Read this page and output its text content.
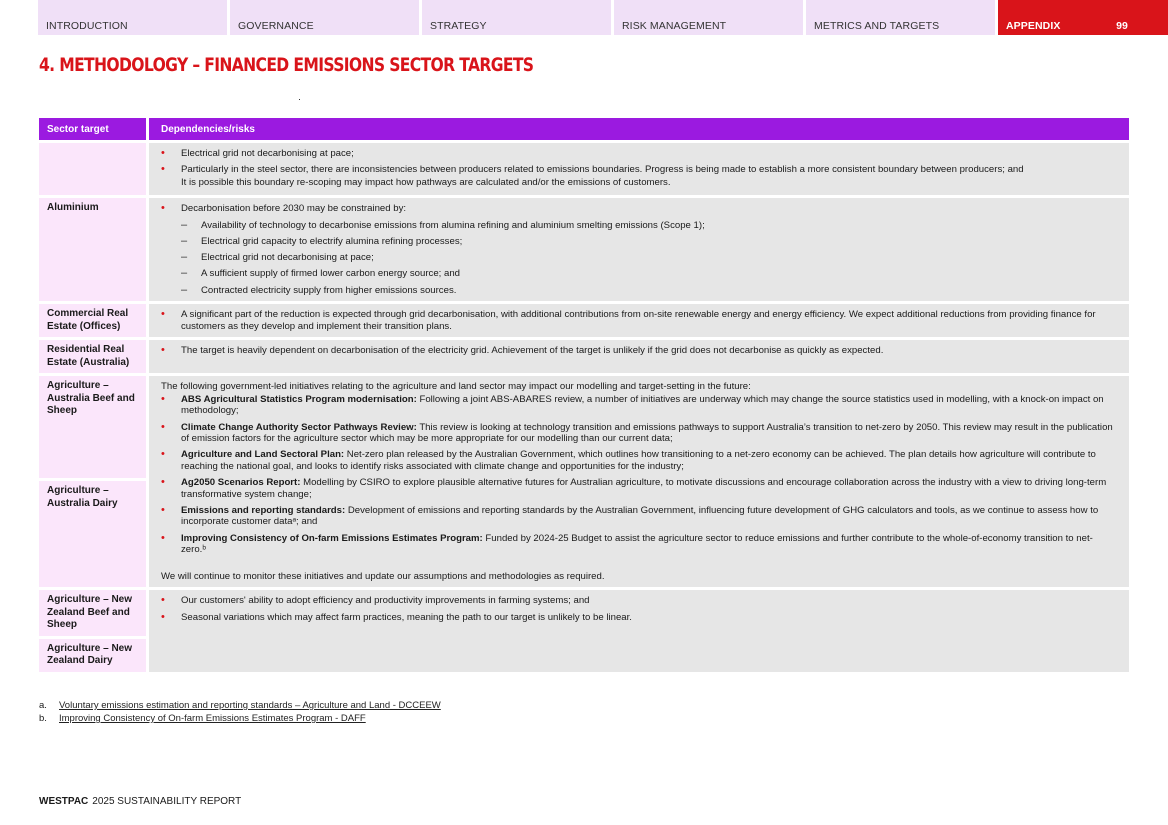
INTRODUCTION	GOVERNANCE	STRATEGY	RISK MANAGEMENT	METRICS AND TARGETS	APPENDIX	99
4. METHODOLOGY – FINANCED EMISSIONS SECTOR TARGETS
Sector target	Dependencies/risks
• Electrical grid not decarbonising at pace;
• Particularly in the steel sector, there are inconsistencies between producers related to emissions boundaries. Progress is being made to establish a more consistent boundary between producers; and
It is possible this boundary re-scoping may impact how pathways are calculated and/or the emissions of customers.
Aluminium
•	Decarbonisation before 2030 may be constrained by:
– Availability of technology to decarbonise emissions from alumina refining and aluminium smelting emissions (Scope 1);
– Electrical grid capacity to electrify alumina refining processes;
– Electrical grid not decarbonising at pace;
– A sufficient supply of firmed lower carbon energy source; and
– Contracted electricity supply from higher emissions sources.
Commercial Real Estate (Offices)
• A significant part of the reduction is expected through grid decarbonisation, with additional contributions from on-site renewable energy and energy efficiency. We expect additional reductions from providing finance for customers as they develop and implement their transition plans.
Residential Real Estate (Australia)
• The target is heavily dependent on decarbonisation of the electricity grid. Achievement of the target is unlikely if the grid does not decarbonise as quickly as expected.
Agriculture – Australia Beef and Sheep
Agriculture – Australia Dairy
The following government-led initiatives relating to the agriculture and land sector may impact our modelling and target-setting in the future:
• ABS Agricultural Statistics Program modernisation: Following a joint ABS-ABARES review, a number of initiatives are underway which may change the source statistics used in modelling, with a knock-on impact on methodology;
• Climate Change Authority Sector Pathways Review: This review is looking at technology transition and emissions pathways to support Australia’s transition to net-zero by 2050. This review may result in the publication of emission factors for the agriculture sector which may be more appropriate for our modelling than our current data;
• Agriculture and Land Sectoral Plan: Net-zero plan released by the Australian Government, which outlines how transitioning to a net-zero economy can be achieved. The plan details how agriculture will contribute to reaching the national goal, and looks to identify risks associated with climate change and opportunities for the industry;
• Ag2050 Scenarios Report: Modelling by CSIRO to explore plausible alternative futures for Australian agriculture, to motivate discussions and encourage collaboration across the industry with a view to driving long-term transformative system change;
• Emissions and reporting standards: Development of emissions and reporting standards by the Australian Government, influencing future development of GHG calculators and tools, as we continue to assess how to incorporate customer dataᵃ; and
• Improving Consistency of On-farm Emissions Estimates Program: Funded by 2024-25 Budget to assist the agriculture sector to reduce emissions and further contribute to the whole-of-economy transition to net-zero.ᵇ
We will continue to monitor these initiatives and update our assumptions and methodologies as required.
Agriculture – New Zealand Beef and Sheep
Agriculture – New Zealand Dairy
• Our customers' ability to adopt efficiency and productivity improvements in farming systems; and
• Seasonal variations which may affect farm practices, meaning the path to our target is unlikely to be linear.
a.	Voluntary emissions estimation and reporting standards – Agriculture and Land - DCCEEW
b.	Improving Consistency of On-farm Emissions Estimates Program - DAFF
WESTPAC 2025 SUSTAINABILITY REPORT
